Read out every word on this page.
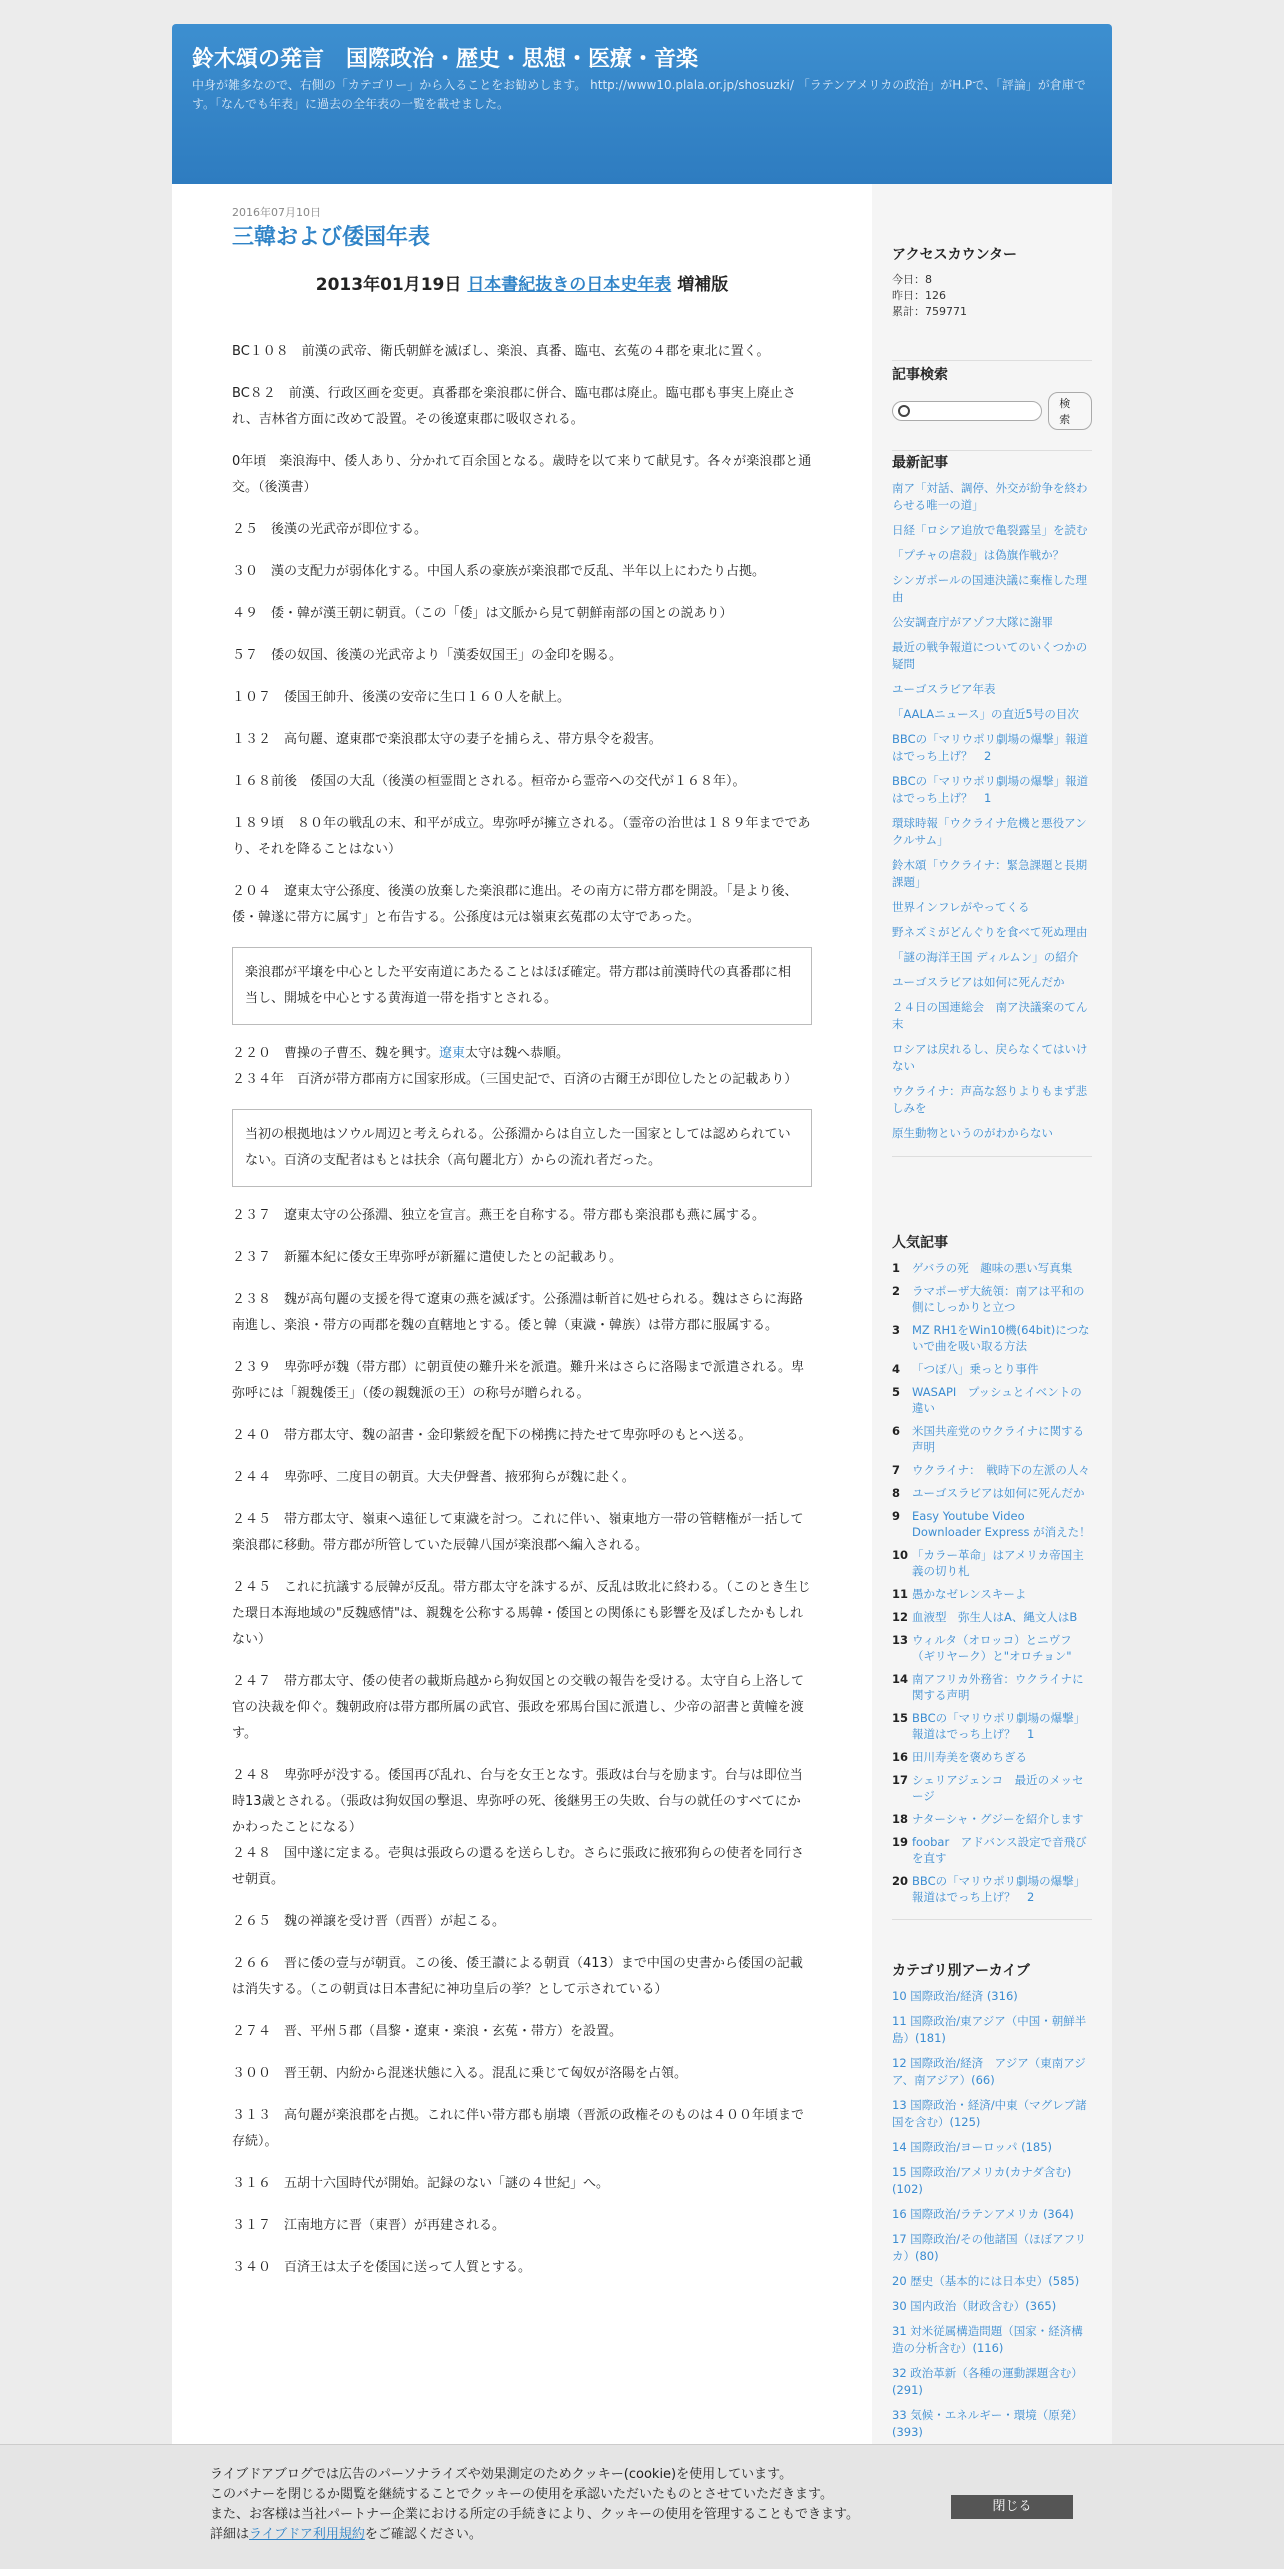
鈴木頌の発言　国際政治・歴史・思想・医療・音楽
中身が雑多なので、右側の「カテゴリー」から入ることをお勧めします。 http://www10.plala.or.jp/shosuzki/ 「ラテンアメリカの政治」がH.Pで、「評論」が倉庫です。「なんでも年表」に過去の全年表の一覧を載せました。
2016年07月10日
三韓および倭国年表
2013年01月19日 日本書紀抜きの日本史年表 増補版

BC１０８　前漢の武帝、衛氏朝鮮を滅ぼし、楽浪、真番、臨屯、玄菟の４郡を東北に置く。

BC８２　前漢、行政区画を変更。真番郡を楽浪郡に併合、臨屯郡は廃止。臨屯郡も事実上廃止され、吉林省方面に改めて設置。その後遼東郡に吸収される。

0年頃　楽浪海中、倭人あり、分かれて百余国となる。歳時を以て来りて献見す。各々が楽浪郡と通交。（後漢書）

２５　後漢の光武帝が即位する。

３０　漢の支配力が弱体化する。中国人系の豪族が楽浪郡で反乱、半年以上にわたり占拠。

４９　倭・韓が漢王朝に朝貢。（この「倭」は文脈から見て朝鮮南部の国との説あり）

５７　倭の奴国、後漢の光武帝より「漢委奴国王」の金印を賜る。

１０７　倭国王帥升、後漢の安帝に生口１６０人を献上。

１３２　高句麗、遼東郡で楽浪郡太守の妻子を捕らえ、帯方県令を殺害。

１６８前後　倭国の大乱（後漢の桓霊間とされる。桓帝から霊帝への交代が１６８年）。

１８９頃　８０年の戦乱の末、和平が成立。卑弥呼が擁立される。（霊帝の治世は１８９年までであり、それを降ることはない）

２０４　遼東太守公孫度、後漢の放棄した楽浪郡に進出。その南方に帯方郡を開設。「是より後、倭・韓遂に帯方に属す」と布告する。公孫度は元は嶺東玄菟郡の太守であった。

楽浪郡が平壌を中心とした平安南道にあたることはほぼ確定。帯方郡は前漢時代の真番郡に相当し、開城を中心とする黄海道一帯を指すとされる。

２２０　曹操の子曹丕、魏を興す。遼東太守は魏へ恭順。

２３４年　百済が帯方郡南方に国家形成。（三国史記で、百済の古爾王が即位したとの記載あり）

当初の根拠地はソウル周辺と考えられる。公孫淵からは自立した一国家としては認められていない。百済の支配者はもとは扶余（高句麗北方）からの流れ者だった。

２３７　遼東太守の公孫淵、独立を宣言。燕王を自称する。帯方郡も楽浪郡も燕に属する。

２３７　新羅本紀に倭女王卑弥呼が新羅に遣使したとの記載あり。

２３８　魏が高句麗の支援を得て遼東の燕を滅ぼす。公孫淵は斬首に処せられる。魏はさらに海路南進し、楽浪・帯方の両郡を魏の直轄地とする。倭と韓（東濊・韓族）は帯方郡に服属する。

２３９　卑弥呼が魏（帯方郡）に朝貢使の難升米を派遣。難升米はさらに洛陽まで派遣される。卑弥呼には「親魏倭王」（倭の親魏派の王）の称号が贈られる。

２４０　帯方郡太守、魏の詔書・金印紫綬を配下の梯携に持たせて卑弥呼のもとへ送る。

２４４　卑弥呼、二度目の朝貢。大夫伊聲耆、掖邪狗らが魏に赴く。

２４５　帯方郡太守、嶺東へ遠征して東濊を討つ。これに伴い、嶺東地方一帯の管轄権が一括して楽浪郡に移動。帯方郡が所管していた辰韓八国が楽浪郡へ編入される。

２４５　これに抗議する辰韓が反乱。帯方郡太守を誅するが、反乱は敗北に終わる。（このとき生じた環日本海地域の"反魏感情"は、親魏を公称する馬韓・倭国との関係にも影響を及ぼしたかもしれない）

２４７　帯方郡太守、倭の使者の載斯烏越から狗奴国との交戦の報告を受ける。太守自ら上洛して官の決裁を仰ぐ。魏朝政府は帯方郡所属の武官、張政を邪馬台国に派遣し、少帝の詔書と黄幢を渡す。

２４８　卑弥呼が没する。倭国再び乱れ、台与を女王となす。張政は台与を励ます。台与は即位当時13歳とされる。（張政は狗奴国の撃退、卑弥呼の死、後継男王の失敗、台与の就任のすべてにかかわったことになる）

２４８　国中遂に定まる。壱與は張政らの還るを送らしむ。さらに張政に掖邪狗らの使者を同行させ朝貢。

２６５　魏の禅譲を受け晋（西晋）が起こる。

２６６　晋に倭の壹与が朝貢。この後、倭王讃による朝貢（413）まで中国の史書から倭国の記載は消失する。（この朝貢は日本書紀に神功皇后の挙？として示されている）

２７４　晋、平州５郡（昌黎・遼東・楽浪・玄菟・帯方）を設置。

３００　晋王朝、内紛から混迷状態に入る。混乱に乗じて匈奴が洛陽を占領。

３１３　高句麗が楽浪郡を占拠。これに伴い帯方郡も崩壊（晋派の政権そのものは４００年頃まで存続）。

３１６　五胡十六国時代が開始。記録のない「謎の４世紀」へ。

３１７　江南地方に晋（東晋）が再建される。

３４０　百済王は太子を倭国に送って人質とする。

アクセスカウンター
今日：8
昨日：126
累計：759771
記事検索
検索
最新記事
南ア「対話、調停、外交が紛争を終わらせる唯一の道」
日経「ロシア追放で亀裂露呈」を読む
「プチャの虐殺」は偽旗作戦か？
シンガポールの国連決議に棄権した理由
公安調査庁がアゾフ大隊に謝罪
最近の戦争報道についてのいくつかの疑問
ユーゴスラビア年表
「AALAニュース」の直近5号の目次
BBCの「マリウポリ劇場の爆撃」報道はでっち上げ？　2
BBCの「マリウポリ劇場の爆撃」報道はでっち上げ？　1
環球時報「ウクライナ危機と悪役アンクルサム」
鈴木頌「ウクライナ：緊急課題と長期課題」
世界インフレがやってくる
野ネズミがどんぐりを食べて死ぬ理由
「謎の海洋王国 ディルムン」の紹介
ユーゴスラビアは如何に死んだか
２４日の国連総会　南ア決議案のてん末
ロシアは戻れるし、戻らなくてはいけない
ウクライナ：声高な怒りよりもまず悲しみを
原生動物というのがわからない
人気記事
1	ゲバラの死　趣味の悪い写真集
2	ラマポーザ大統領：南アは平和の側にしっかりと立つ
3	MZ RH1をWin10機(64bit)につないで曲を吸い取る方法
4	「つぼ八」乗っとり事件
5	WASAPI　プッシュとイベントの違い
6	米国共産党のウクライナに関する声明
7	ウクライナ：　戦時下の左派の人々
8	ユーゴスラビアは如何に死んだか
9	Easy Youtube Video Downloader Express が消えた！
10 「カラー革命」はアメリカ帝国主義の切り札
11 愚かなゼレンスキーよ
12 血液型　弥生人はA、縄文人はB
13 ウィルタ（オロッコ）とニヴフ（ギリヤーク）と"オロチョン"
14 南アフリカ外務省：ウクライナに関する声明
15 BBCの「マリウポリ劇場の爆撃」報道はでっち上げ？　1
16 田川寿美を褒めちぎる
17 シェリアジェンコ　最近のメッセージ
18 ナターシャ・グジーを紹介します
19 foobar　アドバンス設定で音飛びを直す
20 BBCの「マリウポリ劇場の爆撃」報道はでっち上げ？　2
カテゴリ別アーカイブ
10 国際政治/経済 (316)
11 国際政治/東アジア（中国・朝鮮半島）(181)
12 国際政治/経済　アジア（東南アジア、南アジア）(66)
13 国際政治・経済/中東（マグレブ諸国を含む）(125)
14 国際政治/ヨーロッパ (185)
15 国際政治/アメリカ(カナダ含む) (102)
16 国際政治/ラテンアメリカ (364)
17 国際政治/その他諸国（ほぼアフリカ）(80)
20 歴史（基本的には日本史）(585)
30 国内政治（財政含む）(365)
31 対米従属構造問題（国家・経済構造の分析含む）(116)
32 政治革新（各種の運動課題含む）(291)
33 気候・エネルギー・環境（原発）(393)
ライブドアブログでは広告のパーソナライズや効果測定のためクッキー(cookie)を使用しています。
このバナーを閉じるか閲覧を継続することでクッキーの使用を承認いただいたものとさせていただきます。
また、お客様は当社パートナー企業における所定の手続きにより、クッキーの使用を管理することもできます。
詳細はライブドア利用規約をご確認ください。
閉じる
